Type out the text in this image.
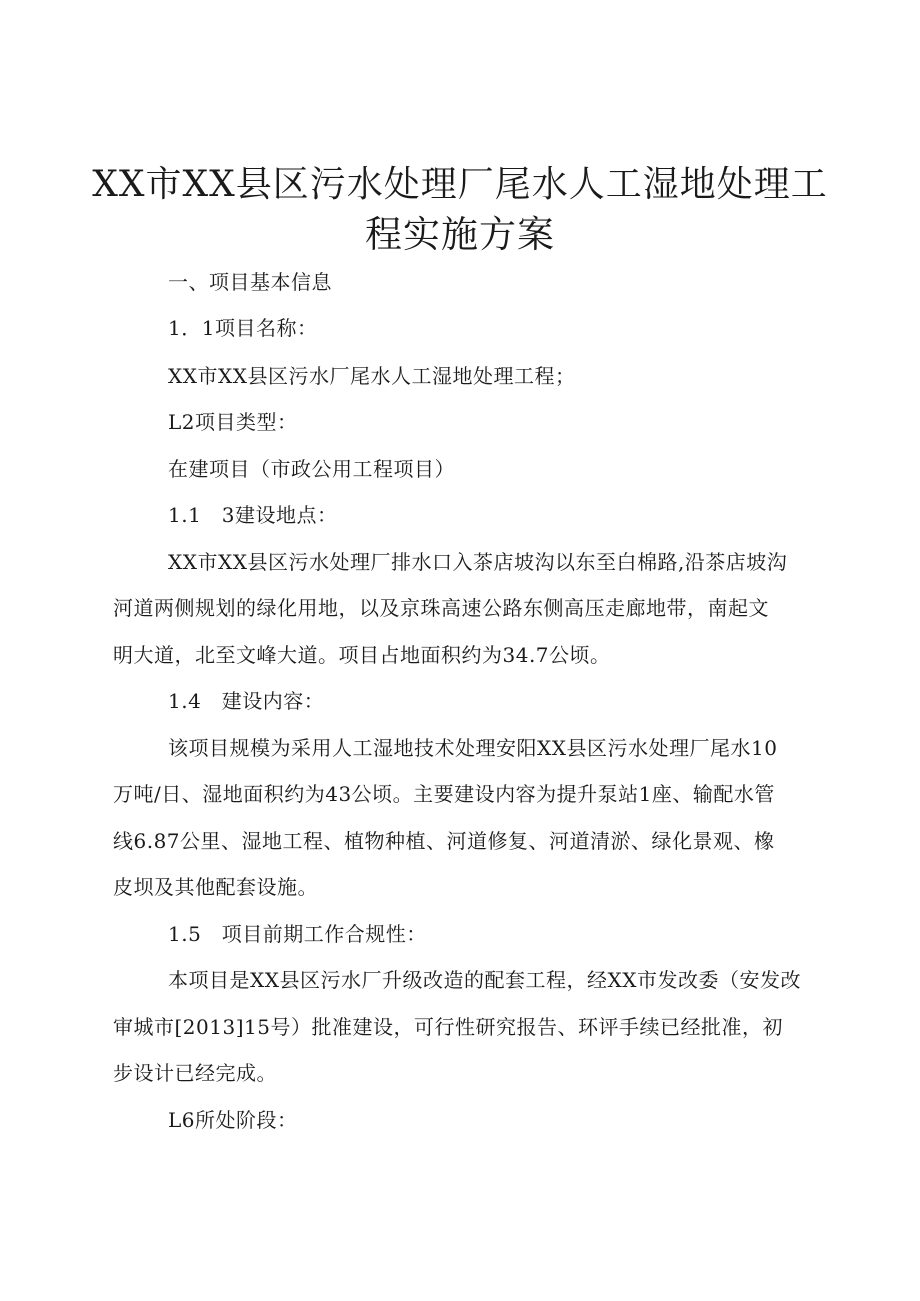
XX市XX县区污水处理厂尾水人工湿地处理工
程实施方案
一、项目基本信息
1．1项目名称：
XX市XX县区污水厂尾水人工湿地处理工程；
L2项目类型：
在建项目（市政公用工程项目）
1.1　3建设地点：
XX市XX县区污水处理厂排水口入茶店坡沟以东至白棉路,沿茶店坡沟
河道两侧规划的绿化用地，以及京珠高速公路东侧高压走廊地带，南起文
明大道，北至文峰大道。项目占地面积约为34.7公顷。
1.4　建设内容：
该项目规模为采用人工湿地技术处理安阳XX县区污水处理厂尾水10
万吨/日、湿地面积约为43公顷。主要建设内容为提升泵站1座、输配水管
线6.87公里、湿地工程、植物种植、河道修复、河道清淤、绿化景观、橡
皮坝及其他配套设施。
1.5　项目前期工作合规性：
本项目是XX县区污水厂升级改造的配套工程，经XX市发改委（安发改
审城市[2013]15号）批准建设，可行性研究报告、环评手续已经批准，初
步设计已经完成。
L6所处阶段：
